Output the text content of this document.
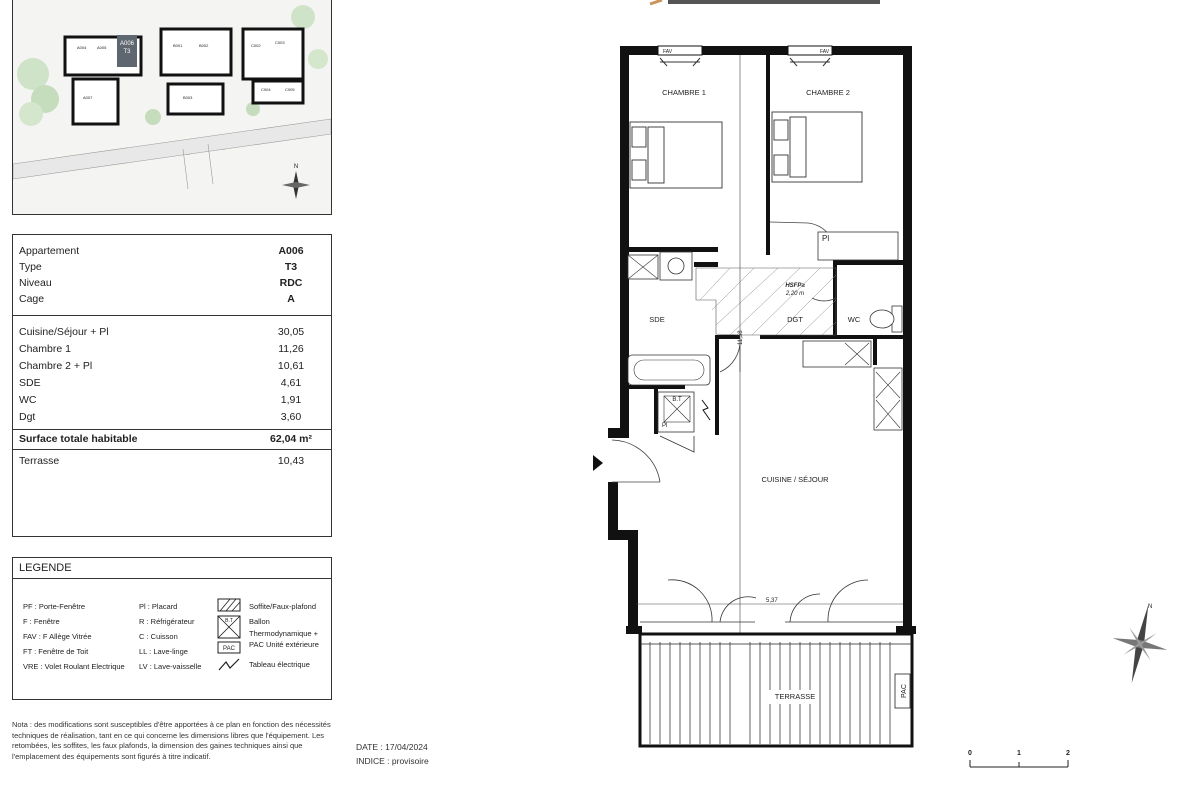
A006
T3
A004	A005	B001	B002	C002
C003
A007	B003
C004	C005
N
Appartement	A006
Type	T3
Niveau	RDC
Cage	A
Cuisine/Séjour + Pl	30,05
Chambre 1	11,26
Chambre 2 + Pl	10,61
SDE	4,61
WC	1,91
Dgt	3,60
Surface totale habitable	62,04 m²
Terrasse	10,43
LEGENDE
PF : Porte-Fenêtre
F : Fenêtre
FAV : F Allège Vitrée
FT : Fenêtre de Toit
VRE : Volet Roulant Electrique
Pl : Placard
R : Réfrigérateur
C : Cuisson
LL : Lave-linge
LV : Lave-vaisselle
B.T
PAC
Soffite/Faux-plafond
Ballon
Thermodynamique +
PAC Unité extérieure
Tableau électrique
Nota : des modifications sont susceptibles d'être apportées à ce plan en fonction des nécessités techniques de réalisation, tant en ce qui concerne les dimensions libres que l'équipement. Les retombées, les soffites, les faux plafonds, la dimension des gaines techniques ainsi que l'emplacement des équipements sont figurés à titre indicatif.
DATE : 17/04/2024
INDICE : provisoire
FAV	FAV
Pl
B.T
Pl
5,37
11,58
PAC
CHAMBRE 1	CHAMBRE 2
SDE	DGT	WC
CUISINE / SÉJOUR
TERRASSE
HSFP≥
2,20 m
0	1	2
N
